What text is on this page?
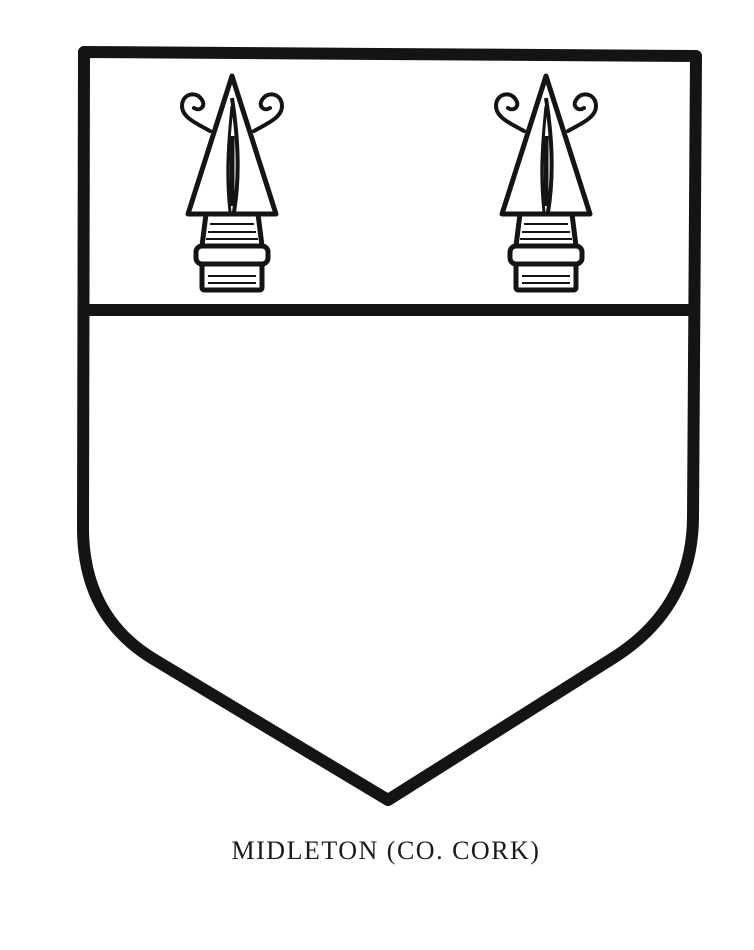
MIDLETON (CO. CORK)
